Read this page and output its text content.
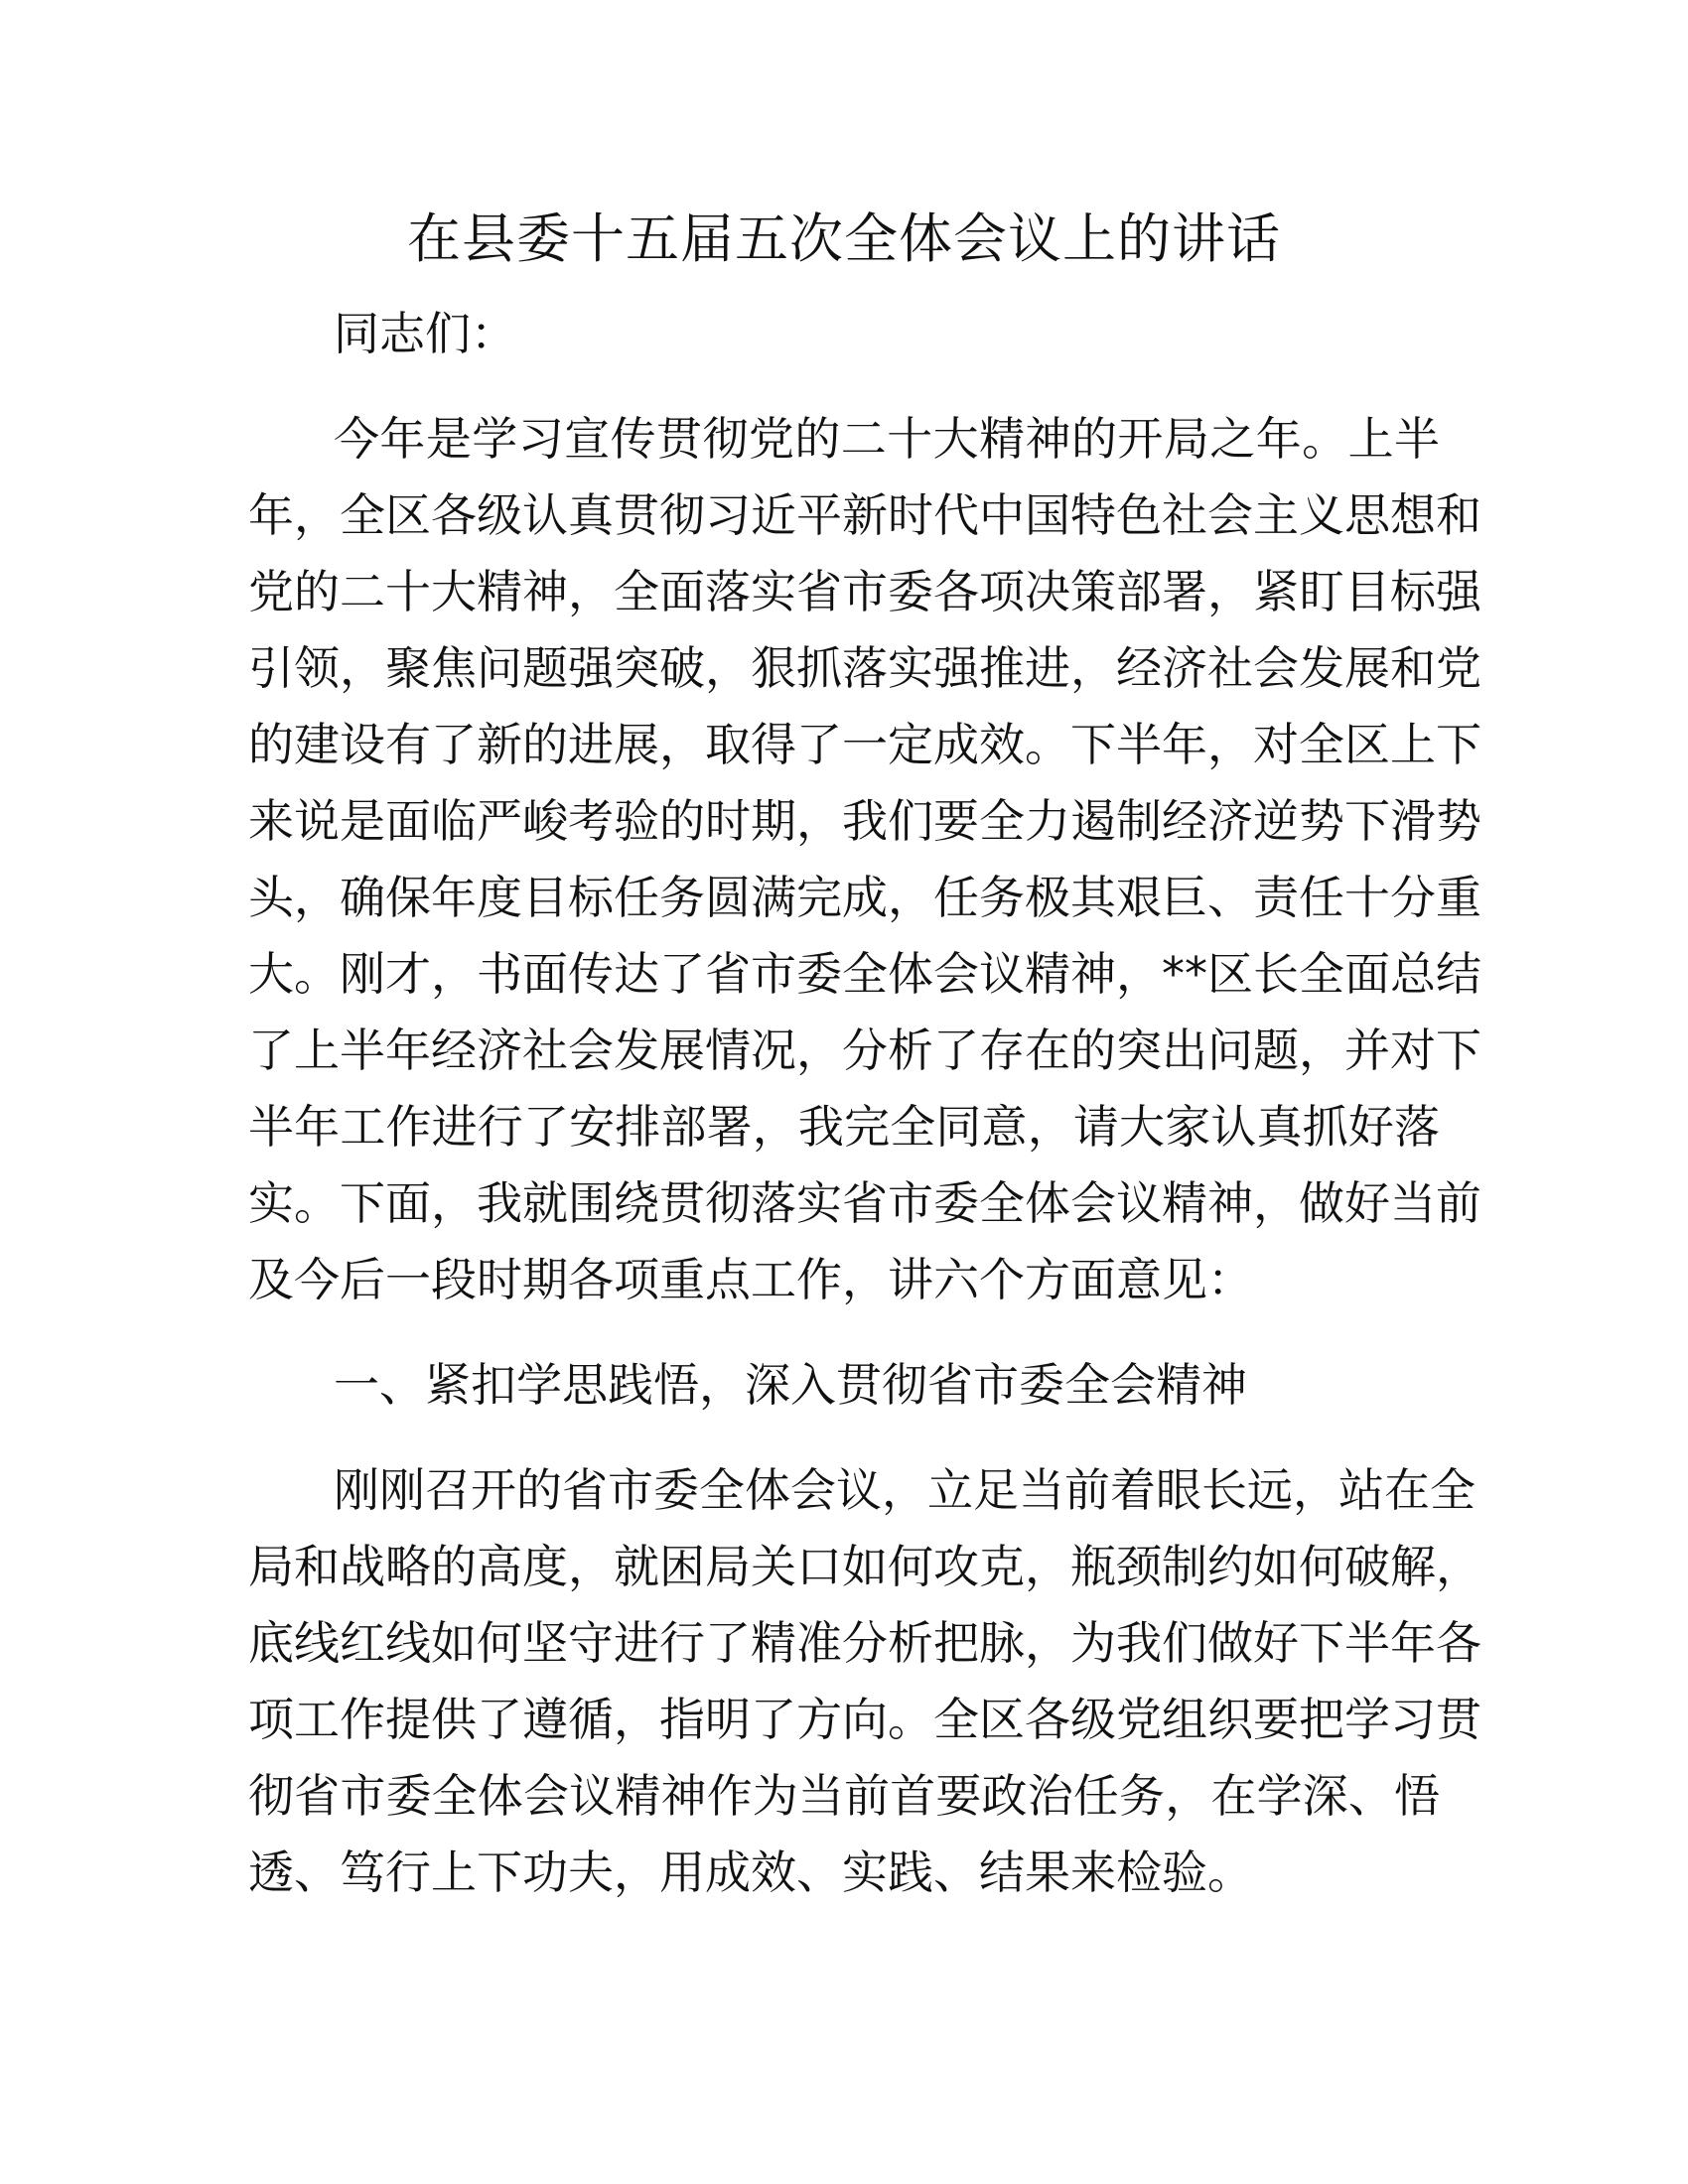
在县委十五届五次全体会议上的讲话

同志们：

今年是学习宣传贯彻党的二十大精神的开局之年。上半

年，全区各级认真贯彻习近平新时代中国特色社会主义思想和

党的二十大精神，全面落实省市委各项决策部署，紧盯目标强

引领，聚焦问题强突破，狠抓落实强推进，经济社会发展和党

的建设有了新的进展，取得了一定成效。下半年，对全区上下

来说是面临严峻考验的时期，我们要全力遏制经济逆势下滑势

头，确保年度目标任务圆满完成，任务极其艰巨、责任十分重

大。刚才，书面传达了省市委全体会议精神，**区长全面总结

了上半年经济社会发展情况，分析了存在的突出问题，并对下

半年工作进行了安排部署，我完全同意，请大家认真抓好落

实。下面，我就围绕贯彻落实省市委全体会议精神，做好当前

及今后一段时期各项重点工作，讲六个方面意见：

一、紧扣学思践悟，深入贯彻省市委全会精神

刚刚召开的省市委全体会议，立足当前着眼长远，站在全

局和战略的高度，就困局关口如何攻克，瓶颈制约如何破解，

底线红线如何坚守进行了精准分析把脉，为我们做好下半年各

项工作提供了遵循，指明了方向。全区各级党组织要把学习贯

彻省市委全体会议精神作为当前首要政治任务，在学深、悟

透、笃行上下功夫，用成效、实践、结果来检验。
